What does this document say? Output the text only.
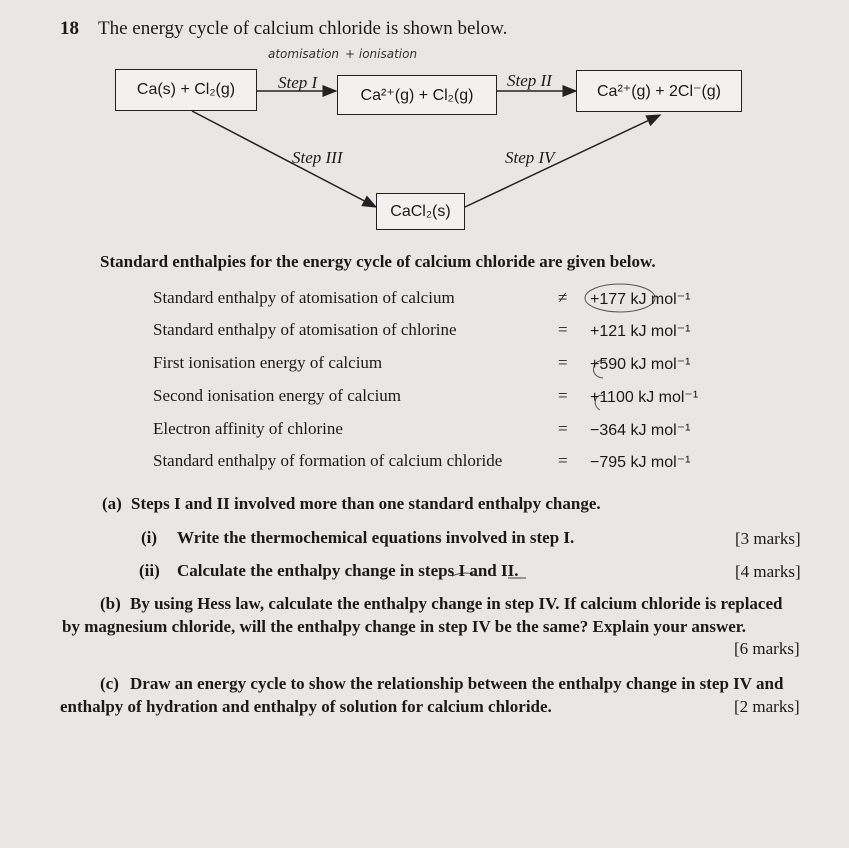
18 The energy cycle of calcium chloride is shown below.
atomisation + ionisation
Ca(s) + Cl₂(g)	Ca²⁺(g) + Cl₂(g)	Ca²⁺(g) + 2Cl⁻(g)
CaCl₂(s)
Step I	Step II
Step III	Step IV
Standard enthalpies for the energy cycle of calcium chloride are given below.
Standard enthalpy of atomisation of calcium	≠ +177 kJ mol⁻¹
Standard enthalpy of atomisation of chlorine	= +121 kJ mol⁻¹
First ionisation energy of calcium	= +590 kJ mol⁻¹
Second ionisation energy of calcium	= +1100 kJ mol⁻¹
Electron affinity of chlorine	= −364 kJ mol⁻¹
Standard enthalpy of formation of calcium chloride	= −795 kJ mol⁻¹
(a) Steps I and II involved more than one standard enthalpy change.
(i) Write the thermochemical equations involved in step I.	[3 marks]
(ii) Calculate the enthalpy change in steps I and II.	[4 marks]
(b) By using Hess law, calculate the enthalpy change in step IV. If calcium chloride is replaced
by magnesium chloride, will the enthalpy change in step IV be the same? Explain your answer.
[6 marks]
(c) Draw an energy cycle to show the relationship between the enthalpy change in step IV and
enthalpy of hydration and enthalpy of solution for calcium chloride.	[2 marks]
